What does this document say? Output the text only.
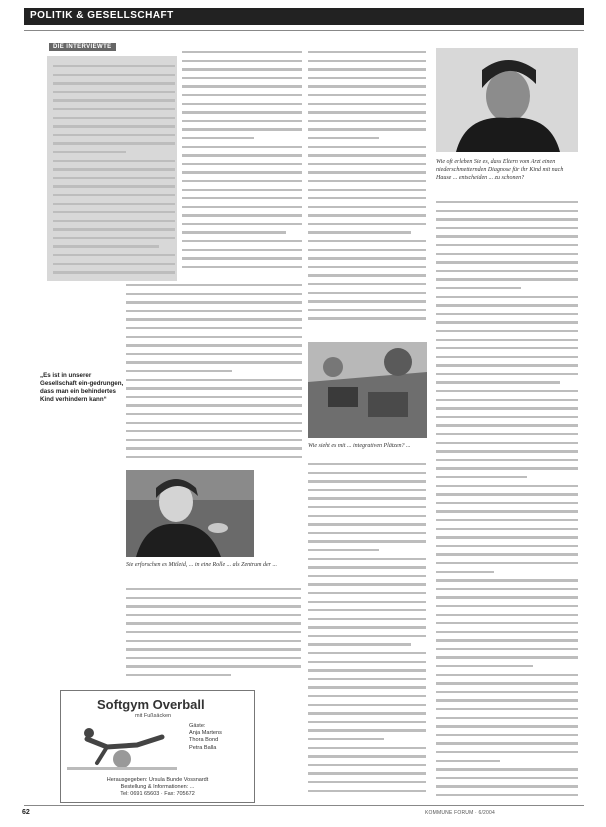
POLITIK & GESELLSCHAFT
DIE INTERVIEWTE
„Es ist in unserer Gesellschaft ein-gedrungen, dass man ein behindertes Kind verhindern kann“
Sie erforschen es Mitleid, ... in eine Rolle ... als Zentrum der ...
Wie sieht es mit ... integrativen Plätzen? ...
Wie oft erleben Sie es, dass Eltern vom Arzt einen niederschmetternden Diagnose für ihr Kind mit nach Hause ... entscheiden ... zu schonen?
Softgym Overball
mit Fußsäcken
Gäste:
Anja Martens
Thora Bond
Petra Balla
Herausgegeben: Ursula Bunde Vossnardt
Bestellung & Informationen: ...
Tel: 0691 65603 · Fax: 705672
62	KOMMUNE FORUM · 6/2004
